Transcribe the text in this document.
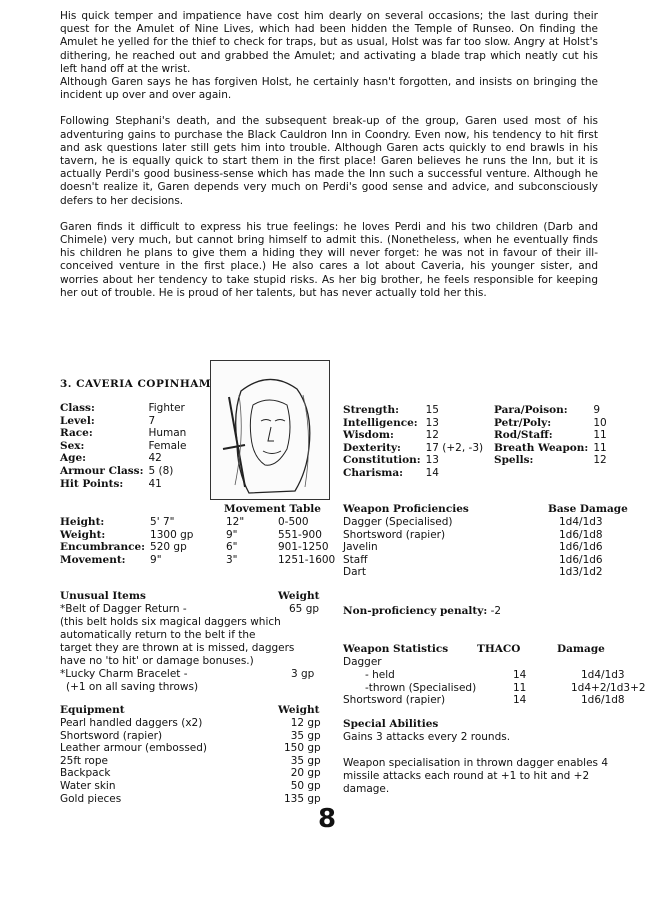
His quick temper and impatience have cost him dearly on several occasions; the last during their quest for the Amulet of Nine Lives, which had been hidden the Temple of Runseo. On finding the Amulet he yelled for the thief to check for traps, but as usual, Holst was far too slow. Angry at Holst's dithering, he reached out and grabbed the Amulet; and activating a blade trap which neatly cut his left hand off at the wrist.

Although Garen says he has forgiven Holst, he certainly hasn't forgotten, and insists on bringing the incident up over and over again.

Following Stephani's death, and the subsequent break-up of the group, Garen used most of his adventuring gains to purchase the Black Cauldron Inn in Coondry. Even now, his tendency to hit first and ask questions later still gets him into trouble. Although Garen acts quickly to end brawls in his tavern, he is equally quick to start them in the first place! Garen believes he runs the Inn, but it is actually Perdi's good business-sense which has made the Inn such a successful venture. Although he doesn't realize it, Garen depends very much on Perdi's good sense and advice, and subconsciously defers to her decisions.

Garen finds it difficult to express his true feelings: he loves Perdi and his two children (Darb and Chimele) very much, but cannot bring himself to admit this. (Nonetheless, when he eventually finds his children he plans to give them a hiding they will never forget: he was not in favour of their ill-conceived venture in the first place.) He also cares a lot about Caveria, his younger sister, and worries about her tendency to take stupid risks. As her big brother, he feels responsible for keeping her out of trouble. He is proud of her talents, but has never actually told her this.

3. CAVERIA COPINHAM
Class:	Fighter
Level:	7
Race:	Human
Sex:	Female
Age:	42
Armour Class:	5 (8)
Hit Points:	41
Height:	5' 7"
Weight:	1300 gp
Encumbrance:	520 gp
Movement:	9"
Movement Table
12"	0-500
9"	551-900
6"	901-1250
3"	1251-1600
Strength:	15
Intelligence:	13
Wisdom:	12
Dexterity:	17 (+2, -3)
Constitution:	13
Charisma:	14
Para/Poison:	9
Petr/Poly:	10
Rod/Staff:	11
Breath Weapon:	11
Spells:	12
Weapon Proficiencies	Base Damage
Dagger (Specialised)	1d4/1d3
Shortsword (rapier)	1d6/1d8
Javelin	1d6/1d6
Staff	1d6/1d6
Dart	1d3/1d2
Non-proficiency penalty: -2
Weapon Statistics	THACO	Damage
Dagger
- held	14	1d4/1d3
-thrown (Specialised)	11	1d4+2/1d3+2
Shortsword (rapier)	14	1d6/1d8
Special Abilities
Gains 3 attacks every 2 rounds.
Weapon specialisation in thrown dagger enables 4 missile attacks each round at +1 to hit and +2 damage.
Unusual Items	Weight
*Belt of Dagger Return -	65 gp
(this belt holds six magical daggers which
automatically return to the belt if the
target they are thrown at is missed, daggers
have no 'to hit' or damage bonuses.)
*Lucky Charm Bracelet -	3 gp
(+1 on all saving throws)
Equipment	Weight
Pearl handled daggers (x2)	12 gp
Shortsword (rapier)	35 gp
Leather armour (embossed)	150 gp
25ft rope	35 gp
Backpack	20 gp
Water skin	50 gp
Gold pieces	135 gp
8
